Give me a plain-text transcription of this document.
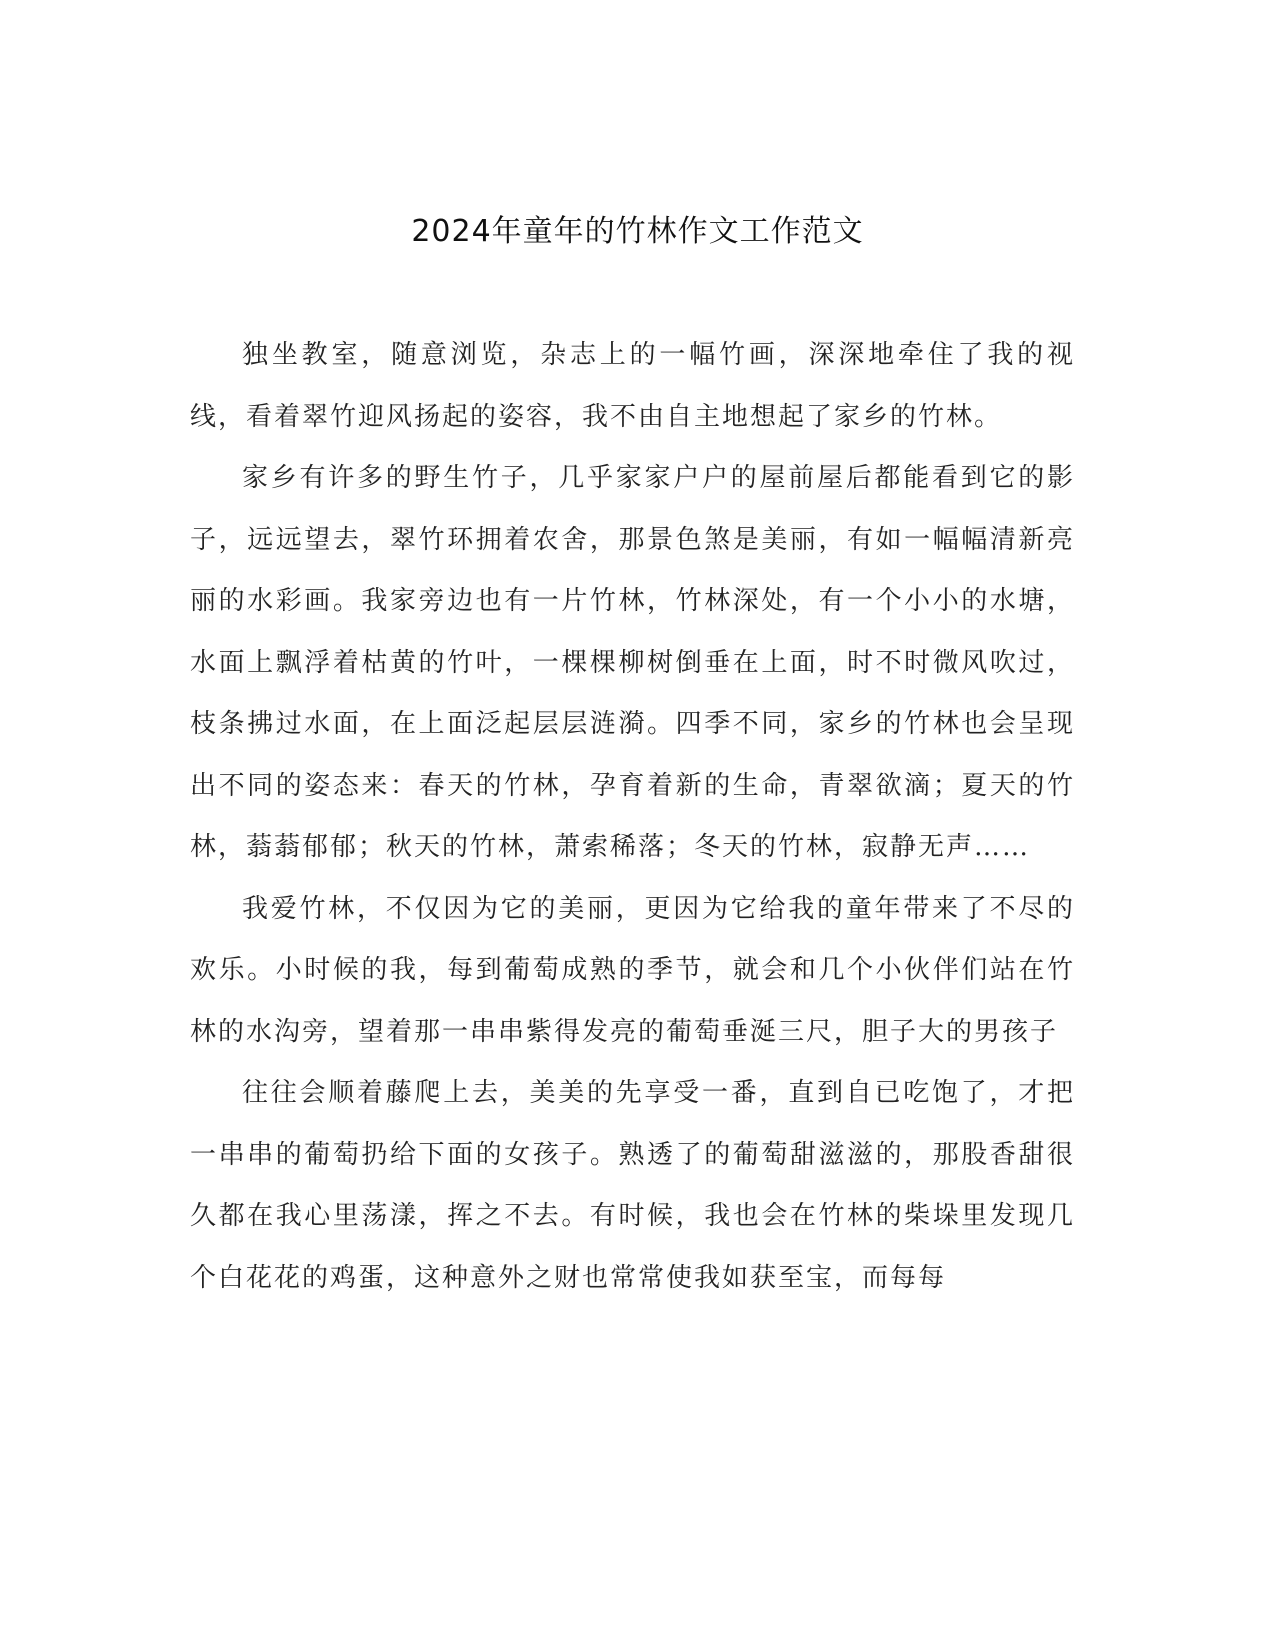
2024年童年的竹林作文工作范文

独坐教室，随意浏览，杂志上的一幅竹画，深深地牵住了我的视线，看着翠竹迎风扬起的姿容，我不由自主地想起了家乡的竹林。

家乡有许多的野生竹子，几乎家家户户的屋前屋后都能看到它的影子，远远望去，翠竹环拥着农舍，那景色煞是美丽，有如一幅幅清新亮丽的水彩画。我家旁边也有一片竹林，竹林深处，有一个小小的水塘，水面上飘浮着枯黄的竹叶，一棵棵柳树倒垂在上面，时不时微风吹过，枝条拂过水面，在上面泛起层层涟漪。四季不同，家乡的竹林也会呈现出不同的姿态来：春天的竹林，孕育着新的生命，青翠欲滴；夏天的竹林，蓊蓊郁郁；秋天的竹林，萧索稀落；冬天的竹林，寂静无声……

我爱竹林，不仅因为它的美丽，更因为它给我的童年带来了不尽的欢乐。小时候的我，每到葡萄成熟的季节，就会和几个小伙伴们站在竹林的水沟旁，望着那一串串紫得发亮的葡萄垂涎三尺，胆子大的男孩子

往往会顺着藤爬上去，美美的先享受一番，直到自已吃饱了，才把一串串的葡萄扔给下面的女孩子。熟透了的葡萄甜滋滋的，那股香甜很久都在我心里荡漾，挥之不去。有时候，我也会在竹林的柴垛里发现几个白花花的鸡蛋，这种意外之财也常常使我如获至宝，而每每
